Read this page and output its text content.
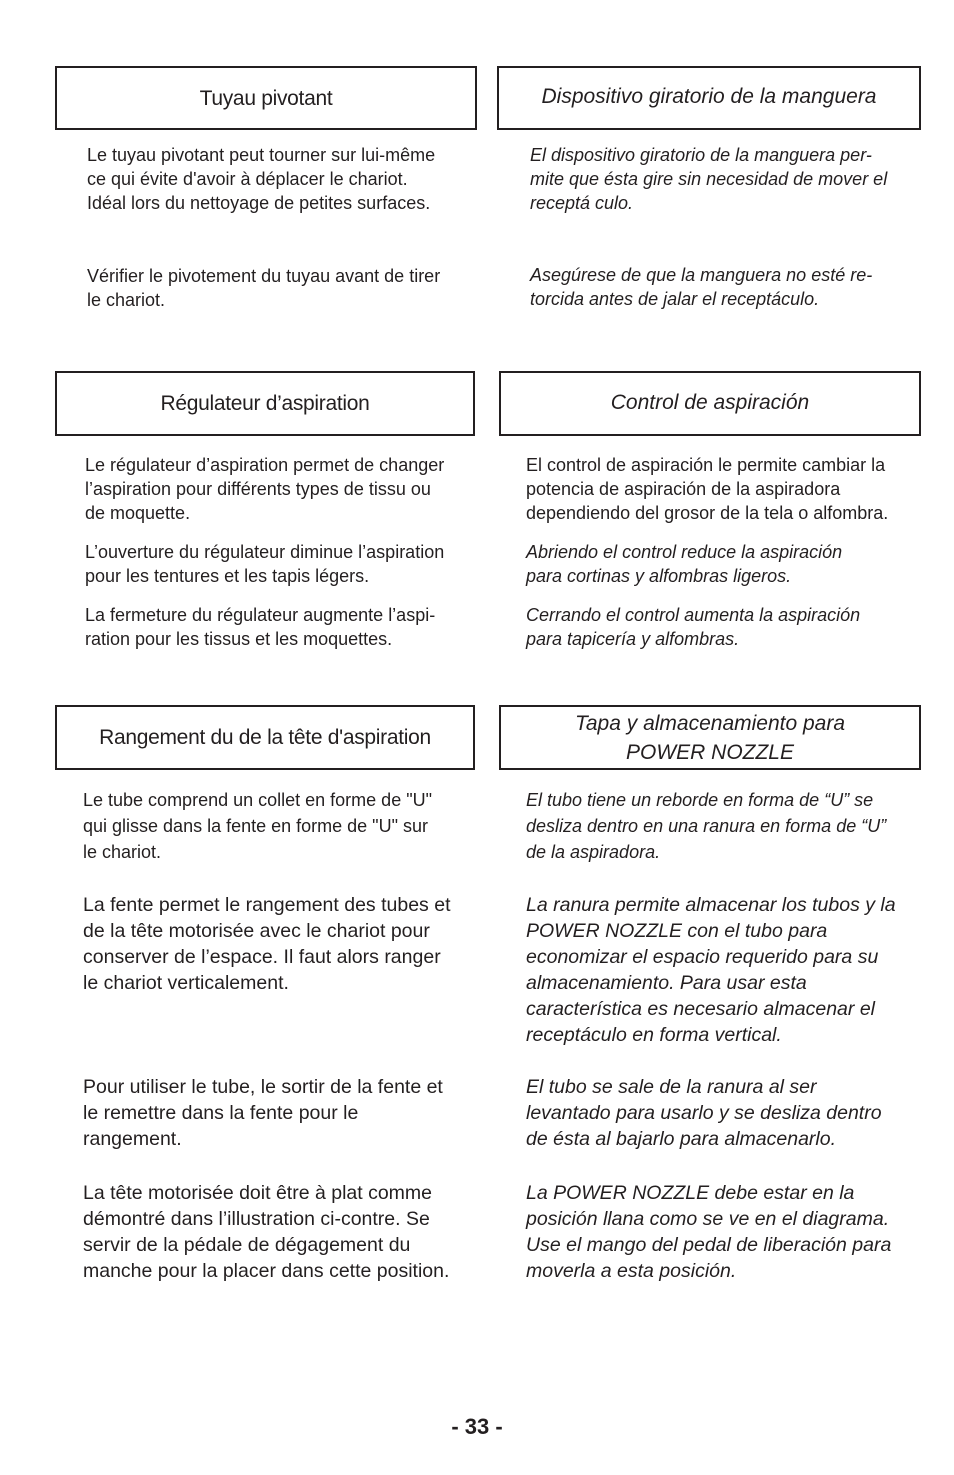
Tuyau pivotant	Dispositivo giratorio de la manguera

Le tuyau pivotant peut tourner sur lui-même
ce qui évite d'avoir à déplacer le chariot.
Idéal lors du nettoyage de petites surfaces.

Vérifier le pivotement du tuyau avant de tirer
le chariot.

El dispositivo giratorio de la manguera per-
mite que ésta gire sin necesidad de mover el
receptá culo.

Asegúrese de que la manguera no esté re-
torcida antes de jalar el receptáculo.

Régulateur d’aspiration	Control de aspiración

Le régulateur d’aspiration permet de changer
l’aspiration pour différents types de tissu ou
de moquette.

L’ouverture du régulateur diminue l’aspiration
pour les tentures et les tapis légers.

La fermeture du régulateur augmente l’aspi-
ration pour les tissus et les moquettes.

El control de aspiración le permite cambiar la
potencia de aspiración de la aspiradora
dependiendo del grosor de la tela o alfombra.

Abriendo el control reduce la aspiración
para cortinas y alfombras ligeros.

Cerrando el control aumenta la aspiración
para tapicería y alfombras.

Rangement du de la tête d'aspiration
Tapa y almacenamiento para
POWER NOZZLE

Le tube comprend un collet en forme de "U"
qui glisse dans la fente en forme de "U" sur
le chariot.

La fente permet le rangement des tubes et
de la tête motorisée avec le chariot pour
conserver de l’espace. Il faut alors ranger
le chariot verticalement.

Pour utiliser le tube, le sortir de la fente et
le remettre dans la fente pour le
rangement.

La tête motorisée doit être à plat comme
démontré dans l’illustration ci-contre. Se
servir de la pédale de dégagement du
manche pour la placer dans cette position.

El tubo tiene un reborde en forma de “U” se
desliza dentro en una ranura en forma de “U”
de la aspiradora.

La ranura permite almacenar los tubos y la
POWER NOZZLE con el tubo para
economizar el espacio requerido para su
almacenamiento. Para usar esta
característica es necesario almacenar el
receptáculo en forma vertical.

El tubo se sale de la ranura al ser
levantado para usarlo y se desliza dentro
de ésta al bajarlo para almacenarlo.

La POWER NOZZLE debe estar en la
posición llana como se ve en el diagrama.
Use el mango del pedal de liberación para
moverla a esta posición.

- 33 -
